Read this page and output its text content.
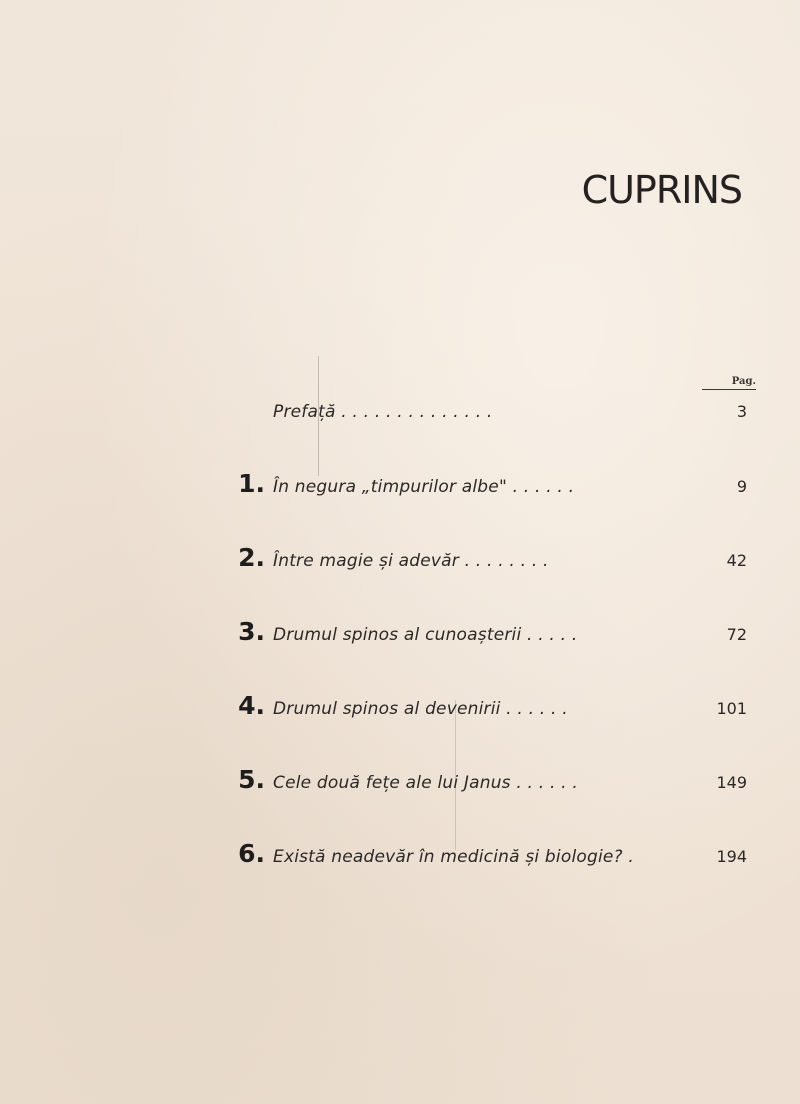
CUPRINS
Pag.
Prefață . . . . . . . . . . . . . .	3
1. În negura „timpurilor albe" . . . . . .	9
2. Între magie și adevăr . . . . . . . .	42
3. Drumul spinos al cunoașterii . . . . .	72
4. Drumul spinos al devenirii . . . . . .	101
5. Cele două fețe ale lui Janus . . . . . .	149
6. Există neadevăr în medicină și biologie? .	194
